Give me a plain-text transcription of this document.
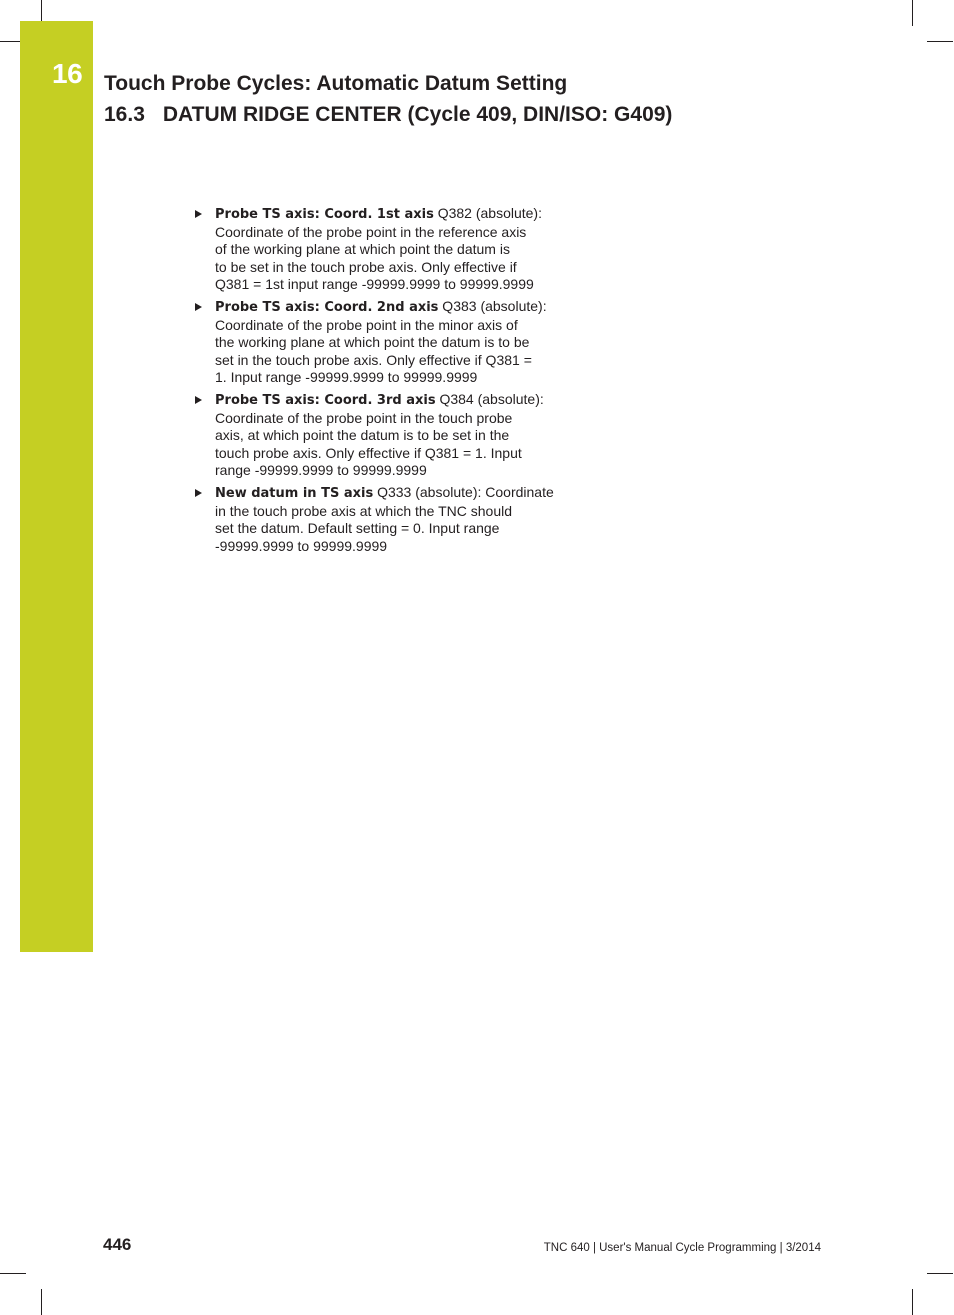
16 Touch Probe Cycles: Automatic Datum Setting
16.3 DATUM RIDGE CENTER (Cycle 409, DIN/ISO: G409)
Probe TS axis: Coord. 1st axis Q382 (absolute):
Coordinate of the probe point in the reference axis
of the working plane at which point the datum is
to be set in the touch probe axis. Only effective if
Q381 = 1st input range -99999.9999 to 99999.9999
Probe TS axis: Coord. 2nd axis Q383 (absolute):
Coordinate of the probe point in the minor axis of
the working plane at which point the datum is to be
set in the touch probe axis. Only effective if Q381 =
1. Input range -99999.9999 to 99999.9999
Probe TS axis: Coord. 3rd axis Q384 (absolute):
Coordinate of the probe point in the touch probe
axis, at which point the datum is to be set in the
touch probe axis. Only effective if Q381 = 1. Input
range -99999.9999 to 99999.9999
New datum in TS axis Q333 (absolute): Coordinate
in the touch probe axis at which the TNC should
set the datum. Default setting = 0. Input range
-99999.9999 to 99999.9999
446	TNC 640 | User's Manual Cycle Programming | 3/2014
